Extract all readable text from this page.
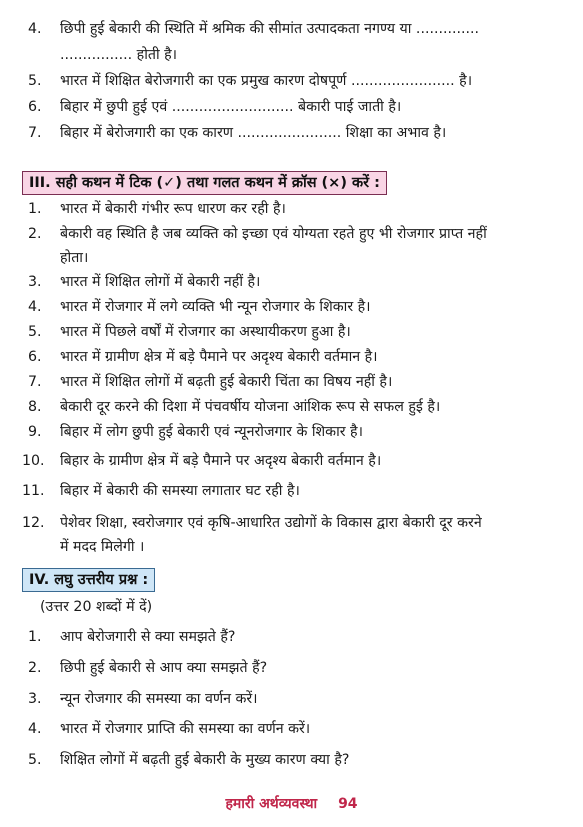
4. छिपी हुई बेकारी की स्थिति में श्रमिक की सीमांत उत्पादकता नगण्य या ..............
................ होती है।
5. भारत में शिक्षित बेरोजगारी का एक प्रमुख कारण दोषपूर्ण ....................... है।
6. बिहार में छुपी हुई एवं ........................... बेकारी पाई जाती है।
7. बिहार में बेरोजगारी का एक कारण ....................... शिक्षा का अभाव है।
III. सही कथन में टिक (✓) तथा गलत कथन में क्रॉस (×) करें :
1. भारत में बेकारी गंभीर रूप धारण कर रही है।
2. बेकारी वह स्थिति है जब व्यक्ति को इच्छा एवं योग्यता रहते हुए भी रोजगार प्राप्त नहीं
होता।
3. भारत में शिक्षित लोगों में बेकारी नहीं है।
4. भारत में रोजगार में लगे व्यक्ति भी न्यून रोजगार के शिकार है।
5. भारत में पिछले वर्षों में रोजगार का अस्थायीकरण हुआ है।
6. भारत में ग्रामीण क्षेत्र में बड़े पैमाने पर अदृश्य बेकारी वर्तमान है।
7. भारत में शिक्षित लोगों में बढ़ती हुई बेकारी चिंता का विषय नहीं है।
8. बेकारी दूर करने की दिशा में पंचवर्षीय योजना आंशिक रूप से सफल हुई है।
9. बिहार में लोग छुपी हुई बेकारी एवं न्यूनरोजगार के शिकार है।
10. बिहार के ग्रामीण क्षेत्र में बड़े पैमाने पर अदृश्य बेकारी वर्तमान है।
11. बिहार में बेकारी की समस्या लगातार घट रही है।
12. पेशेवर शिक्षा, स्वरोजगार एवं कृषि-आधारित उद्योगों के विकास द्वारा बेकारी दूर करने
में मदद मिलेगी ।
IV. लघु उत्तरीय प्रश्न :
(उत्तर 20 शब्दों में दें)
1. आप बेरोजगारी से क्या समझते हैं?
2. छिपी हुई बेकारी से आप क्या समझते हैं?
3. न्यून रोजगार की समस्या का वर्णन करें।
4. भारत में रोजगार प्राप्ति की समस्या का वर्णन करें।
5. शिक्षित लोगों में बढ़ती हुई बेकारी के मुख्य कारण क्या है?
हमारी अर्थव्यवस्था 94
